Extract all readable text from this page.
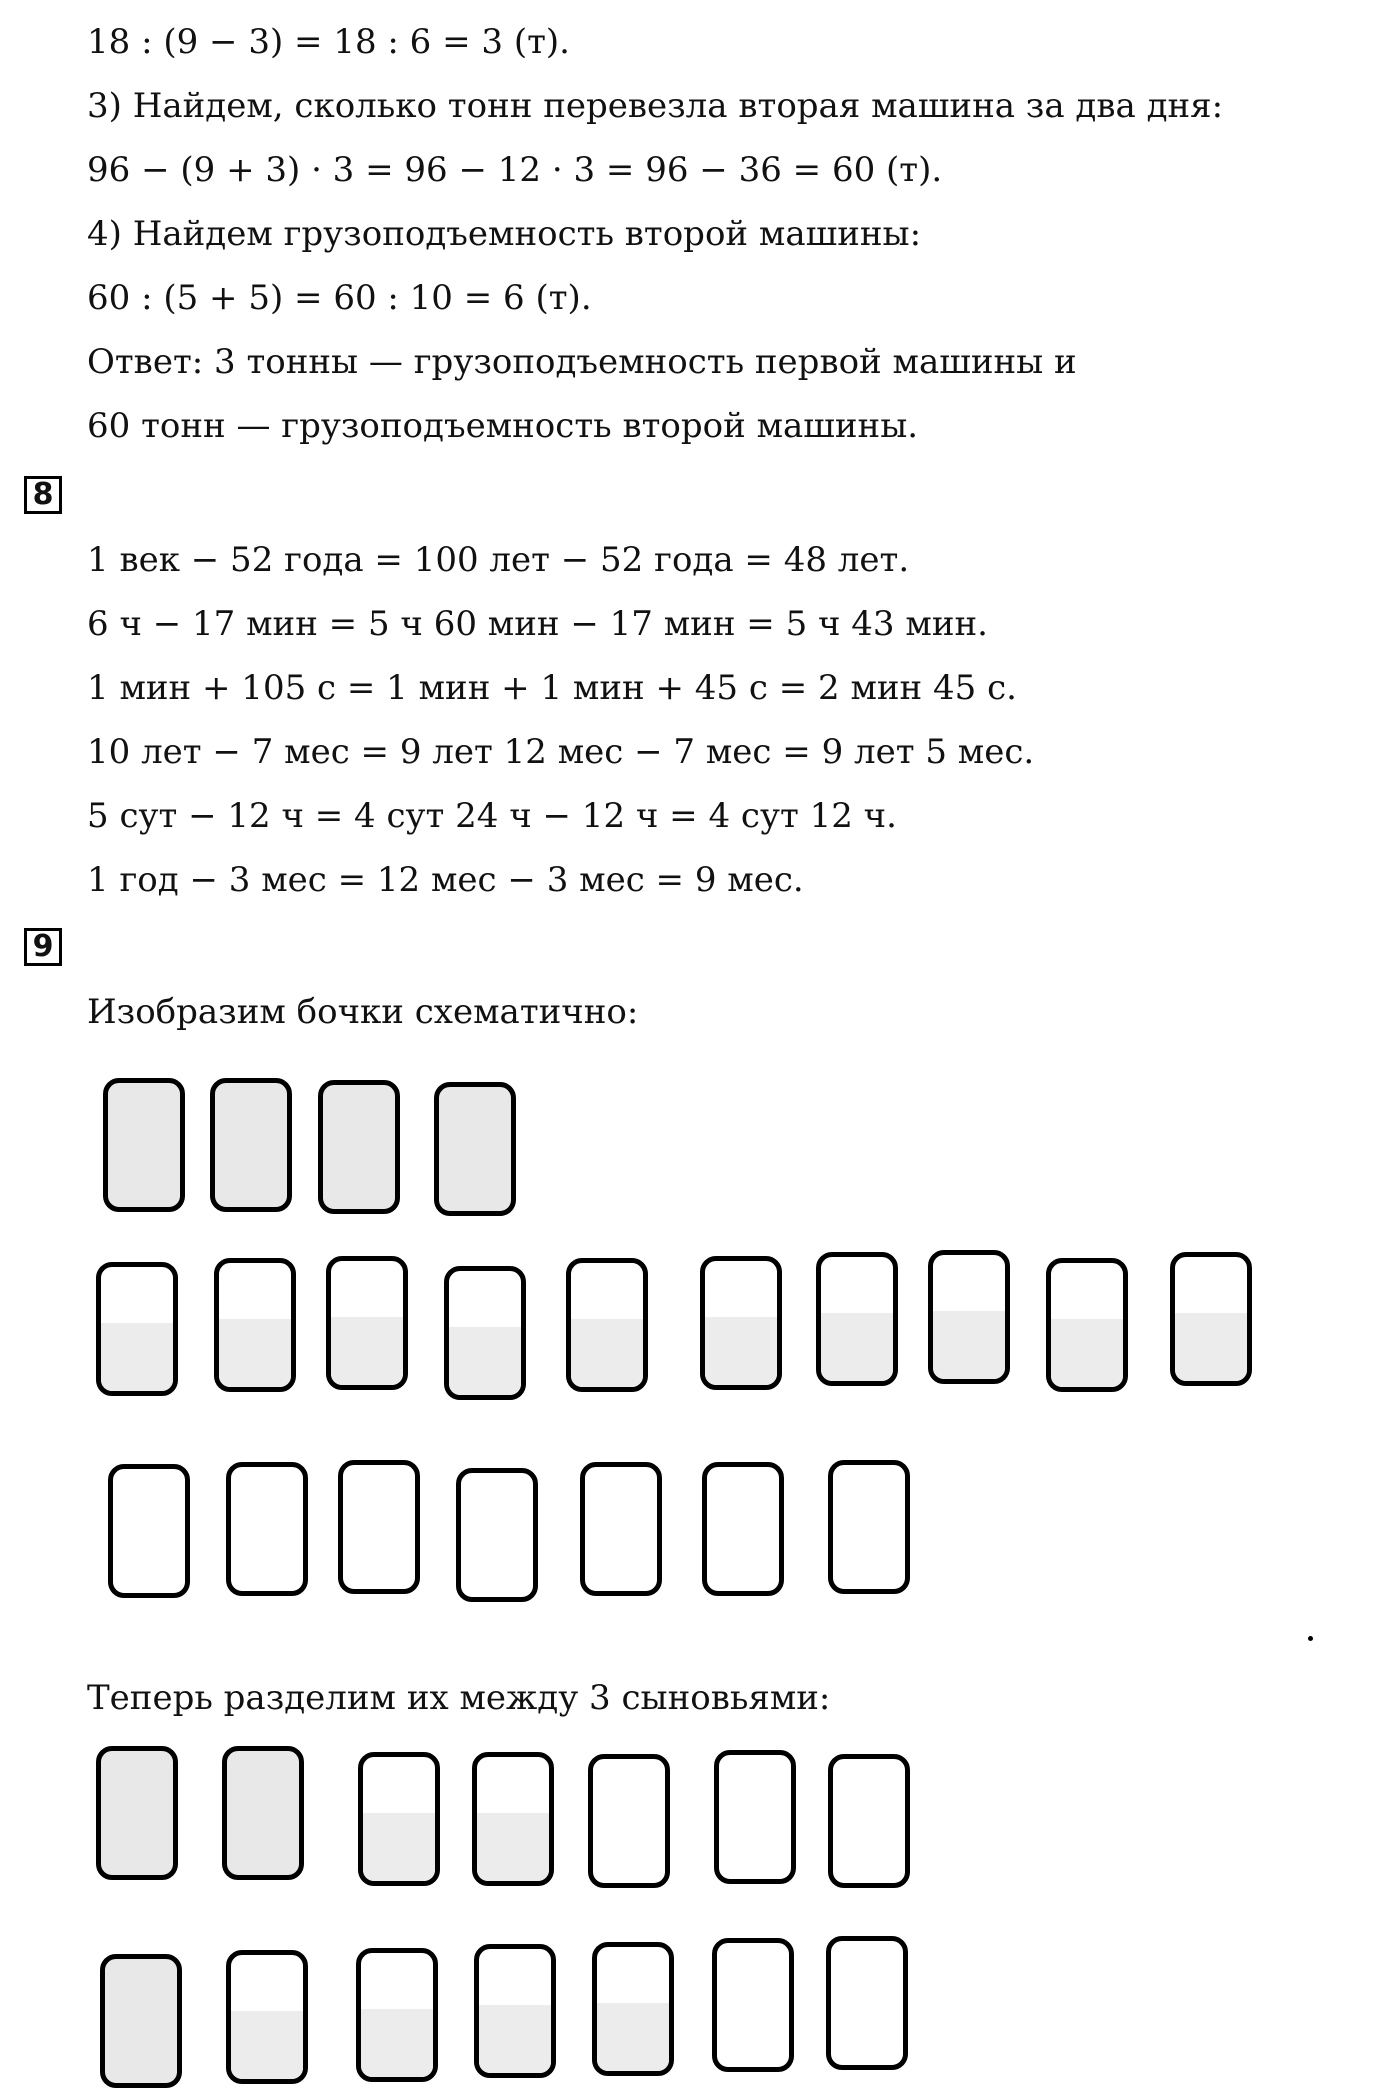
18 : (9 − 3) = 18 : 6 = 3 (т).
3) Найдем, сколько тонн перевезла вторая машина за два дня:
96 − (9 + 3) · 3 = 96 − 12 · 3 = 96 − 36 = 60 (т).
4) Найдем грузоподъемность второй машины:
60 : (5 + 5) = 60 : 10 = 6 (т).
Ответ: 3 тонны — грузоподъемность первой машины и
60 тонн — грузоподъемность второй машины.
8
1 век − 52 года = 100 лет − 52 года = 48 лет.
6 ч − 17 мин = 5 ч 60 мин − 17 мин = 5 ч 43 мин.
1 мин + 105 с = 1 мин + 1 мин + 45 с = 2 мин 45 с.
10 лет − 7 мес = 9 лет 12 мес − 7 мес = 9 лет 5 мес.
5 сут − 12 ч = 4 сут 24 ч − 12 ч = 4 сут 12 ч.
1 год − 3 мес = 12 мес − 3 мес = 9 мес.
9
Изобразим бочки схематично:
Теперь разделим их между 3 сыновьями:
